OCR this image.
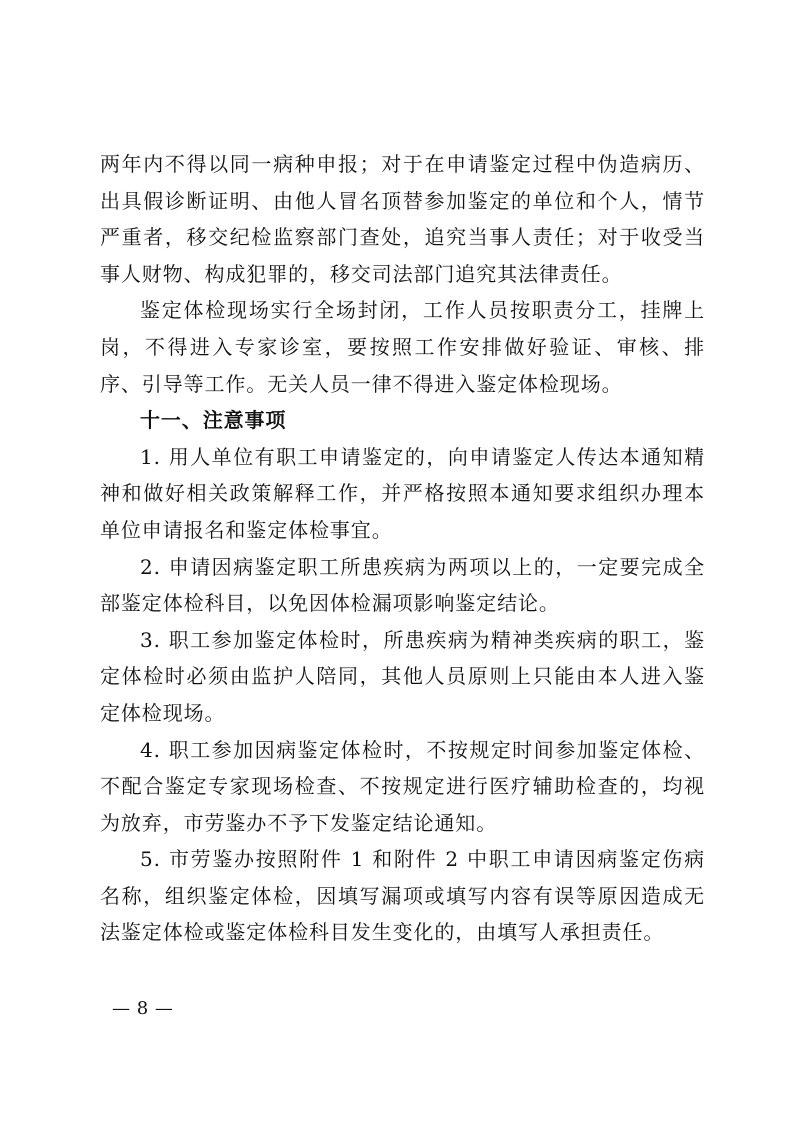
两年内不得以同一病种申报；对于在申请鉴定过程中伪造病历、出具假诊断证明、由他人冒名顶替参加鉴定的单位和个人，情节严重者，移交纪检监察部门查处，追究当事人责任；对于收受当事人财物、构成犯罪的，移交司法部门追究其法律责任。

鉴定体检现场实行全场封闭，工作人员按职责分工，挂牌上岗，不得进入专家诊室，要按照工作安排做好验证、审核、排序、引导等工作。无关人员一律不得进入鉴定体检现场。

十一、注意事项

1. 用人单位有职工申请鉴定的，向申请鉴定人传达本通知精神和做好相关政策解释工作，并严格按照本通知要求组织办理本单位申请报名和鉴定体检事宜。

2. 申请因病鉴定职工所患疾病为两项以上的，一定要完成全部鉴定体检科目，以免因体检漏项影响鉴定结论。

3. 职工参加鉴定体检时，所患疾病为精神类疾病的职工，鉴定体检时必须由监护人陪同，其他人员原则上只能由本人进入鉴定体检现场。

4. 职工参加因病鉴定体检时，不按规定时间参加鉴定体检、不配合鉴定专家现场检查、不按规定进行医疗辅助检查的，均视为放弃，市劳鉴办不予下发鉴定结论通知。

5. 市劳鉴办按照附件 1 和附件 2 中职工申请因病鉴定伤病名称，组织鉴定体检，因填写漏项或填写内容有误等原因造成无法鉴定体检或鉴定体检科目发生变化的，由填写人承担责任。

— 8 —
